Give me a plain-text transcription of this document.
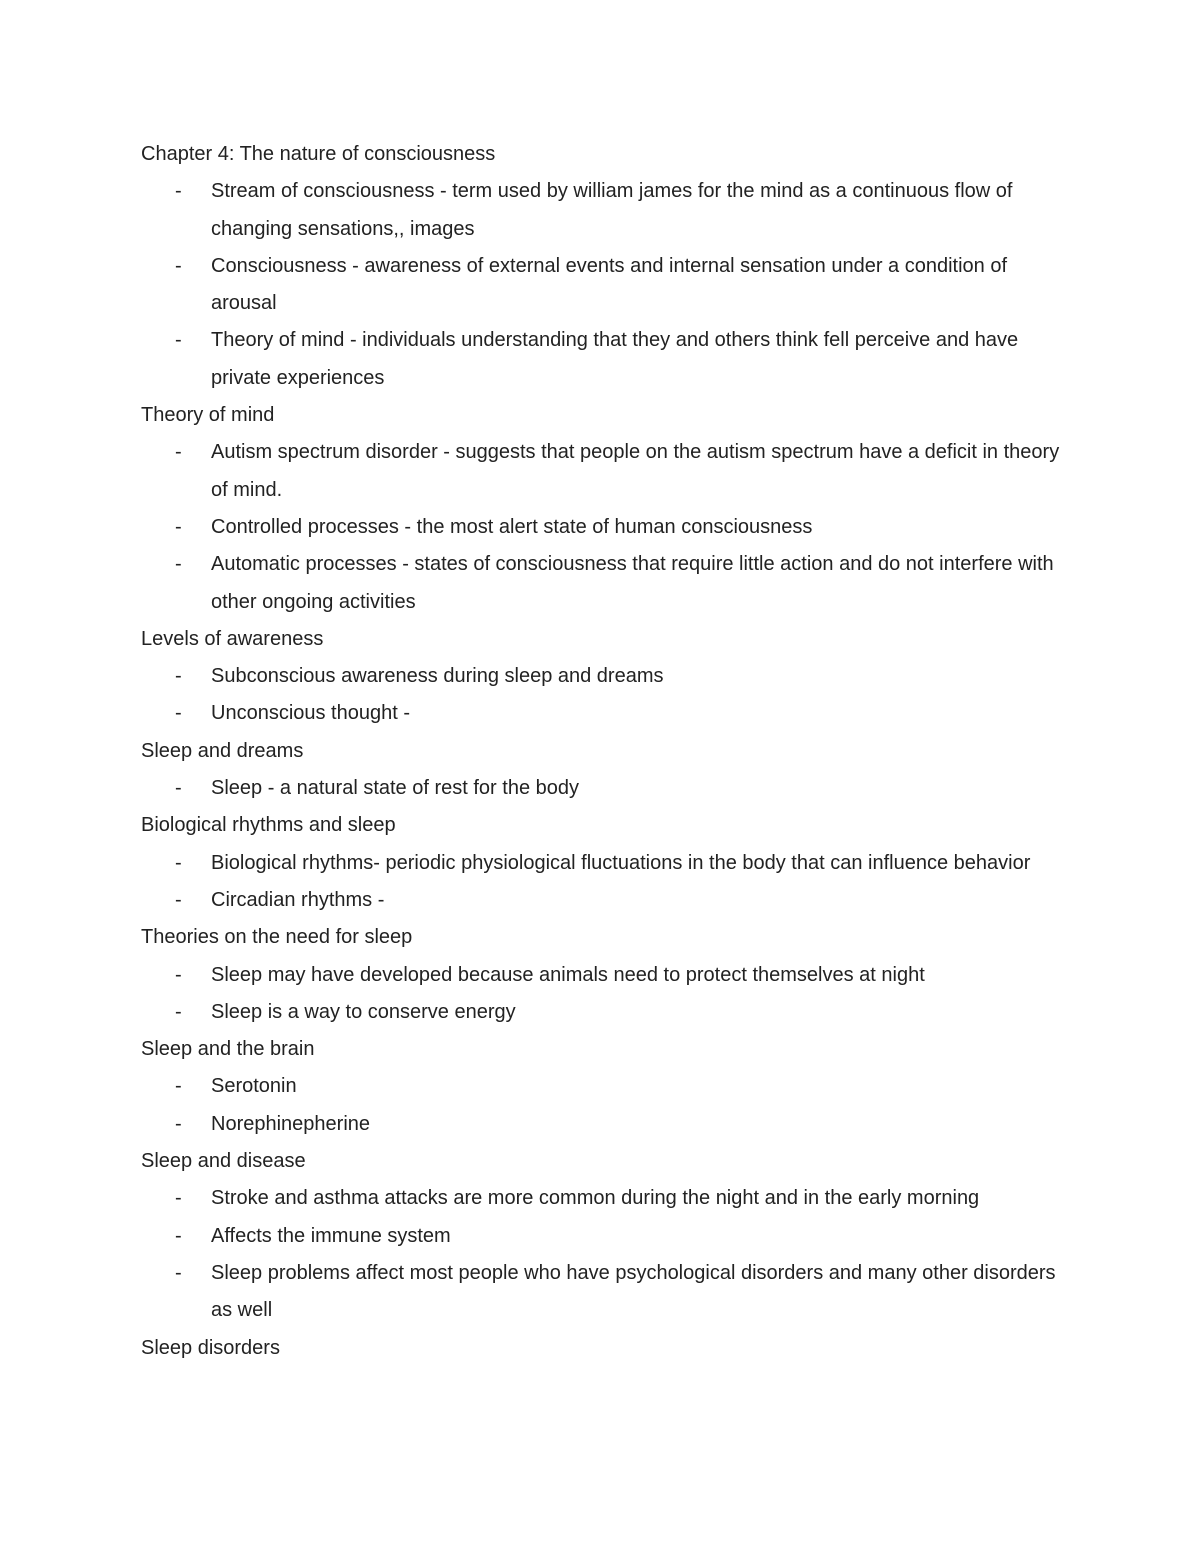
Chapter 4: The nature of consciousness

- Stream of consciousness - term used by william james for the mind as a continuous flow of changing sensations,, images
- Consciousness - awareness of external events and internal sensation under a condition of arousal
- Theory of mind - individuals understanding that they and others think fell perceive and have private experiences

Theory of mind

- Autism spectrum disorder - suggests that people on the autism spectrum have a deficit in theory of mind.
- Controlled processes - the most alert state of human consciousness
- Automatic processes - states of consciousness that require little action and do not interfere with other ongoing activities

Levels of awareness

- Subconscious awareness during sleep and dreams
- Unconscious thought -

Sleep and dreams

- Sleep - a natural state of rest for the body

Biological rhythms and sleep

- Biological rhythms- periodic physiological fluctuations in the body that can influence behavior
- Circadian rhythms -

Theories on the need for sleep

- Sleep may have developed because animals need to protect themselves at night
- Sleep is a way to conserve energy

Sleep and the brain

- Serotonin
- Norephinepherine

Sleep and disease

- Stroke and asthma attacks are more common during the night and in the early morning
- Affects the immune system
- Sleep problems affect most people who have psychological disorders and many other disorders as well

Sleep disorders
